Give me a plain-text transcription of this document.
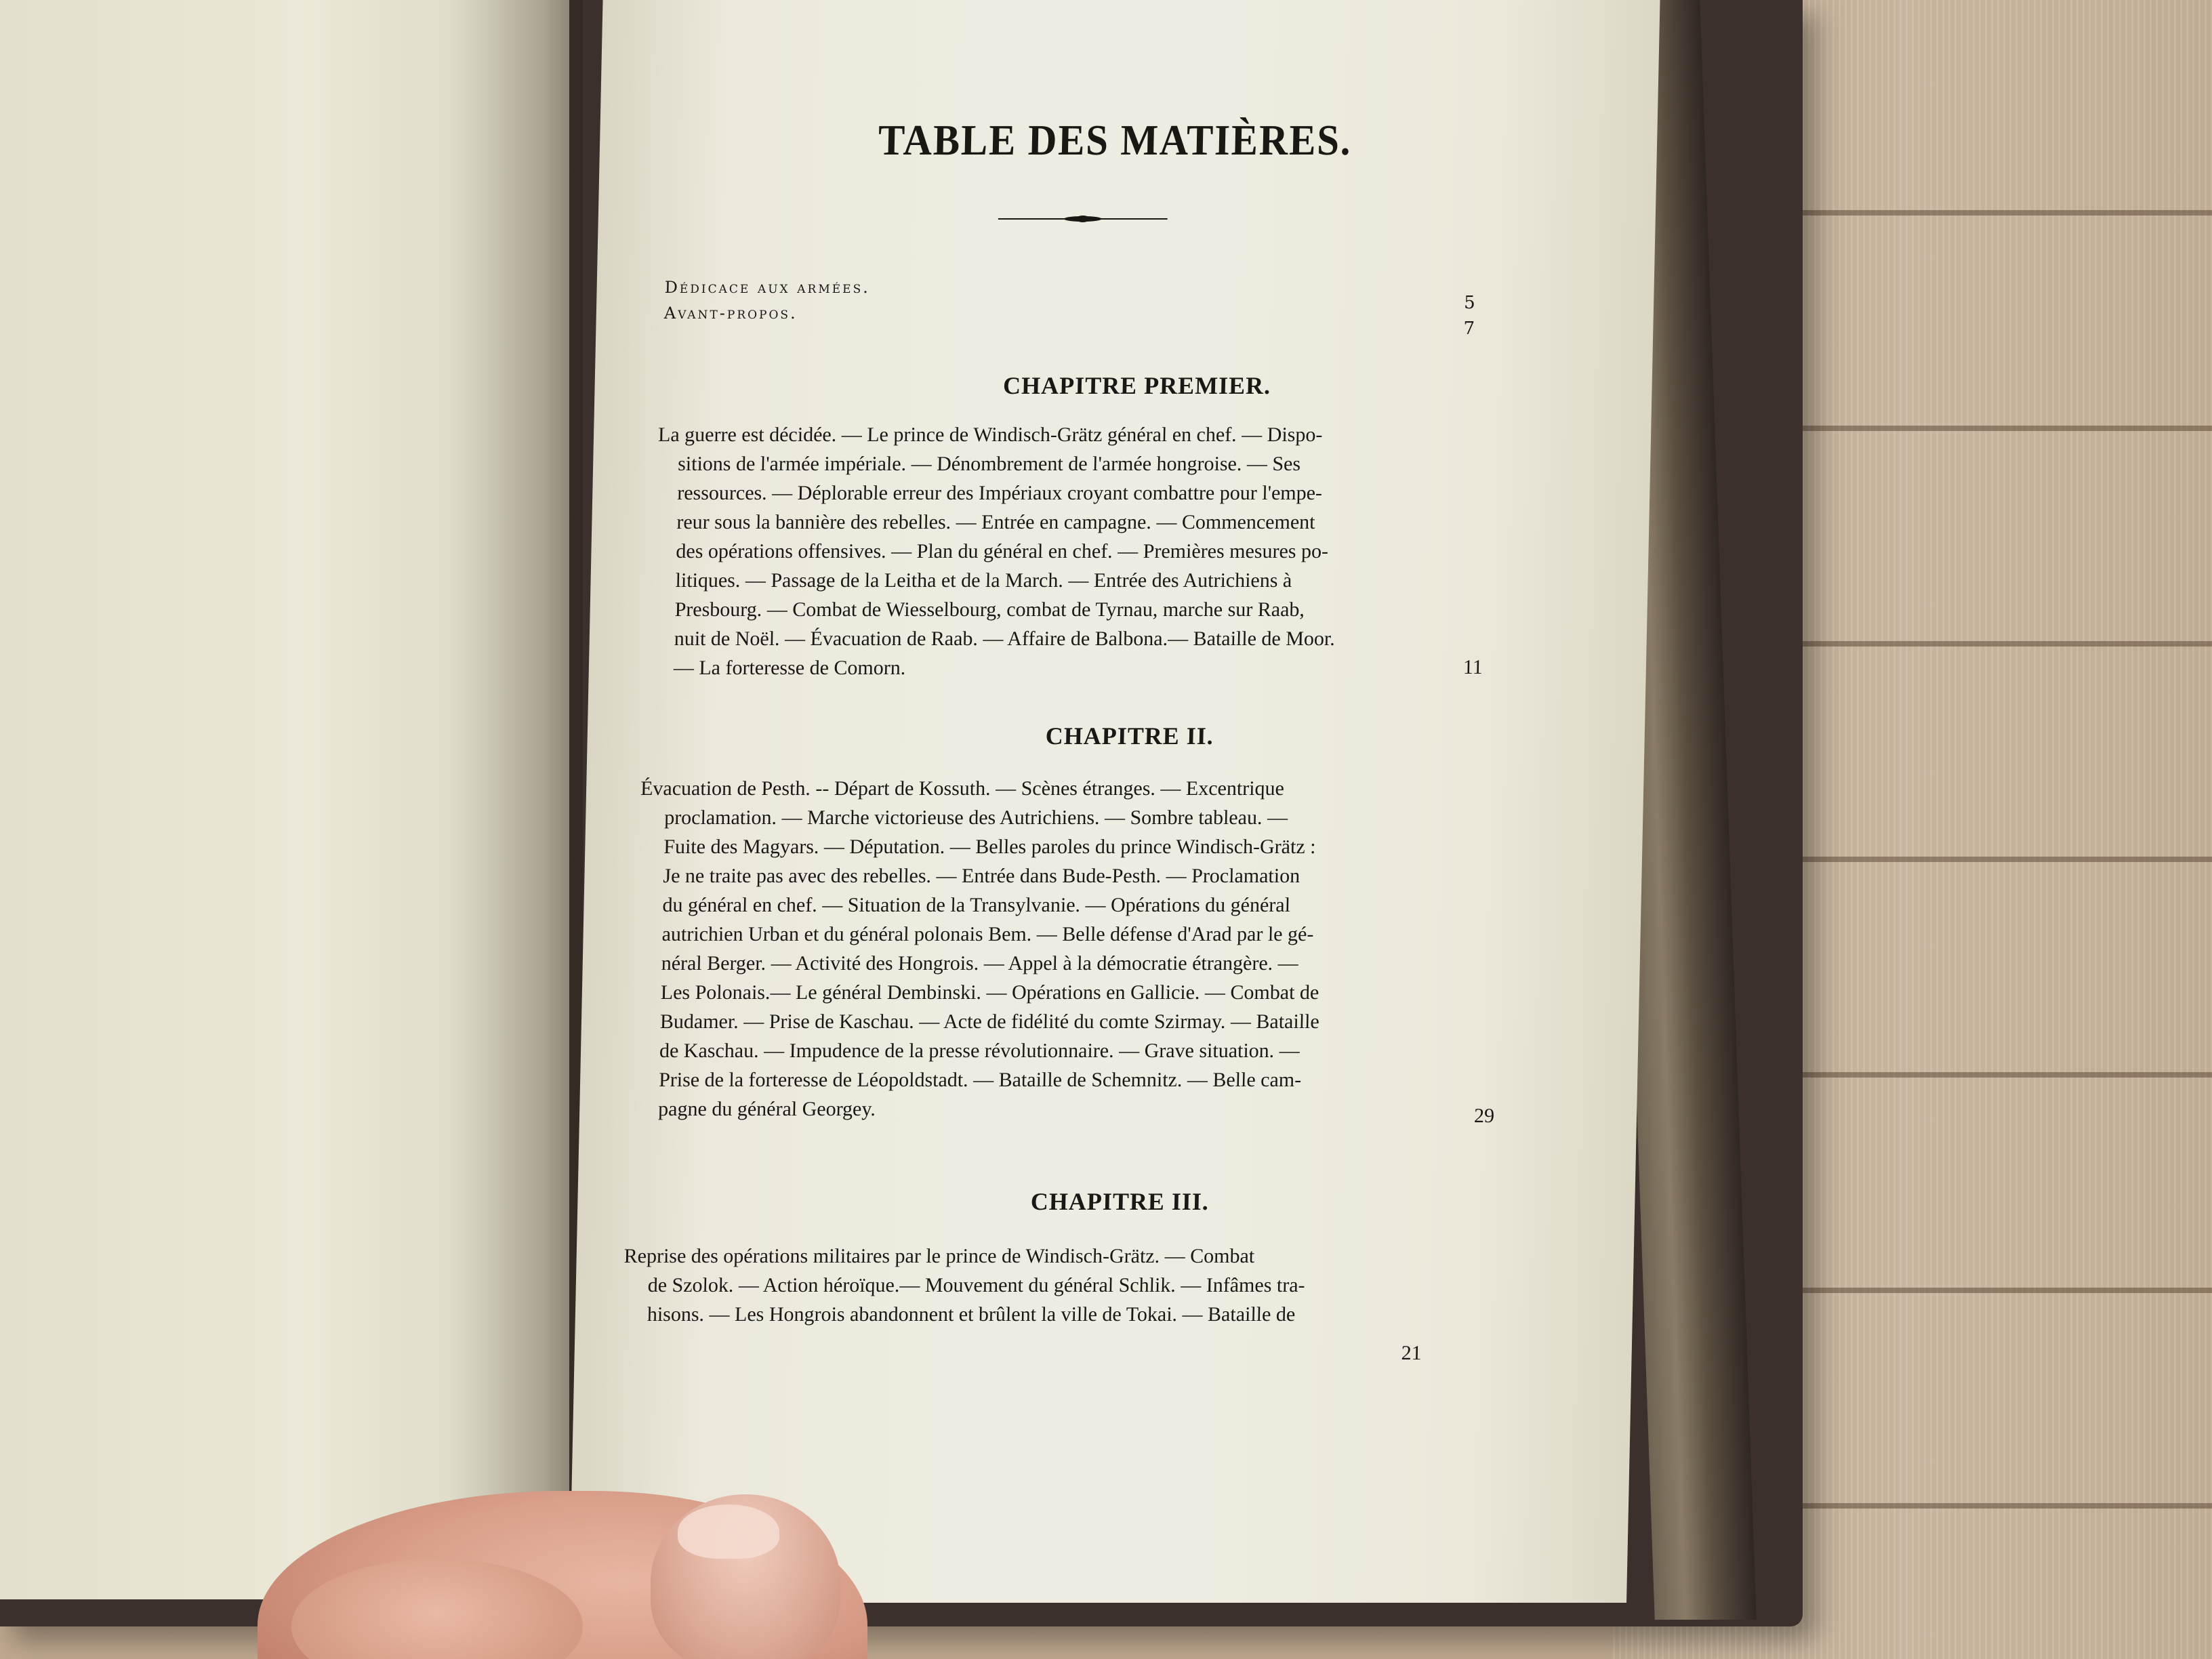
TABLE DES MATIÈRES.
Dédicace aux armées.
5
Avant-propos.
7
CHAPITRE PREMIER.
La guerre est décidée. — Le prince de Windisch-Grätz général en chef. — Dispo-
sitions de l'armée impériale. — Dénombrement de l'armée hongroise. — Ses
ressources. — Déplorable erreur des Impériaux croyant combattre pour l'empe-
reur sous la bannière des rebelles. — Entrée en campagne. — Commencement
des opérations offensives. — Plan du général en chef. — Premières mesures po-
litiques. — Passage de la Leitha et de la March. — Entrée des Autrichiens à
Presbourg. — Combat de Wiesselbourg, combat de Tyrnau, marche sur Raab,
nuit de Noël. — Évacuation de Raab. — Affaire de Balbona.— Bataille de Moor.
— La forteresse de Comorn.	11
CHAPITRE II.
Évacuation de Pesth. -- Départ de Kossuth. — Scènes étranges. — Excentrique
proclamation. — Marche victorieuse des Autrichiens. — Sombre tableau. —
Fuite des Magyars. — Députation. — Belles paroles du prince Windisch-Grätz :
Je ne traite pas avec des rebelles. — Entrée dans Bude-Pesth. — Proclamation
du général en chef. — Situation de la Transylvanie. — Opérations du général
autrichien Urban et du général polonais Bem. — Belle défense d'Arad par le gé-
néral Berger. — Activité des Hongrois. — Appel à la démocratie étrangère. —
Les Polonais.— Le général Dembinski. — Opérations en Gallicie. — Combat de
Budamer. — Prise de Kaschau. — Acte de fidélité du comte Szirmay. — Bataille
de Kaschau. — Impudence de la presse révolutionnaire. — Grave situation. —
Prise de la forteresse de Léopoldstadt. — Bataille de Schemnitz. — Belle cam-
pagne du général Georgey.	29
CHAPITRE III.
Reprise des opérations militaires par le prince de Windisch-Grätz. — Combat
de Szolok. — Action héroïque.— Mouvement du général Schlik. — Infâmes tra-
hisons. — Les Hongrois abandonnent et brûlent la ville de Tokai. — Bataille de
21
